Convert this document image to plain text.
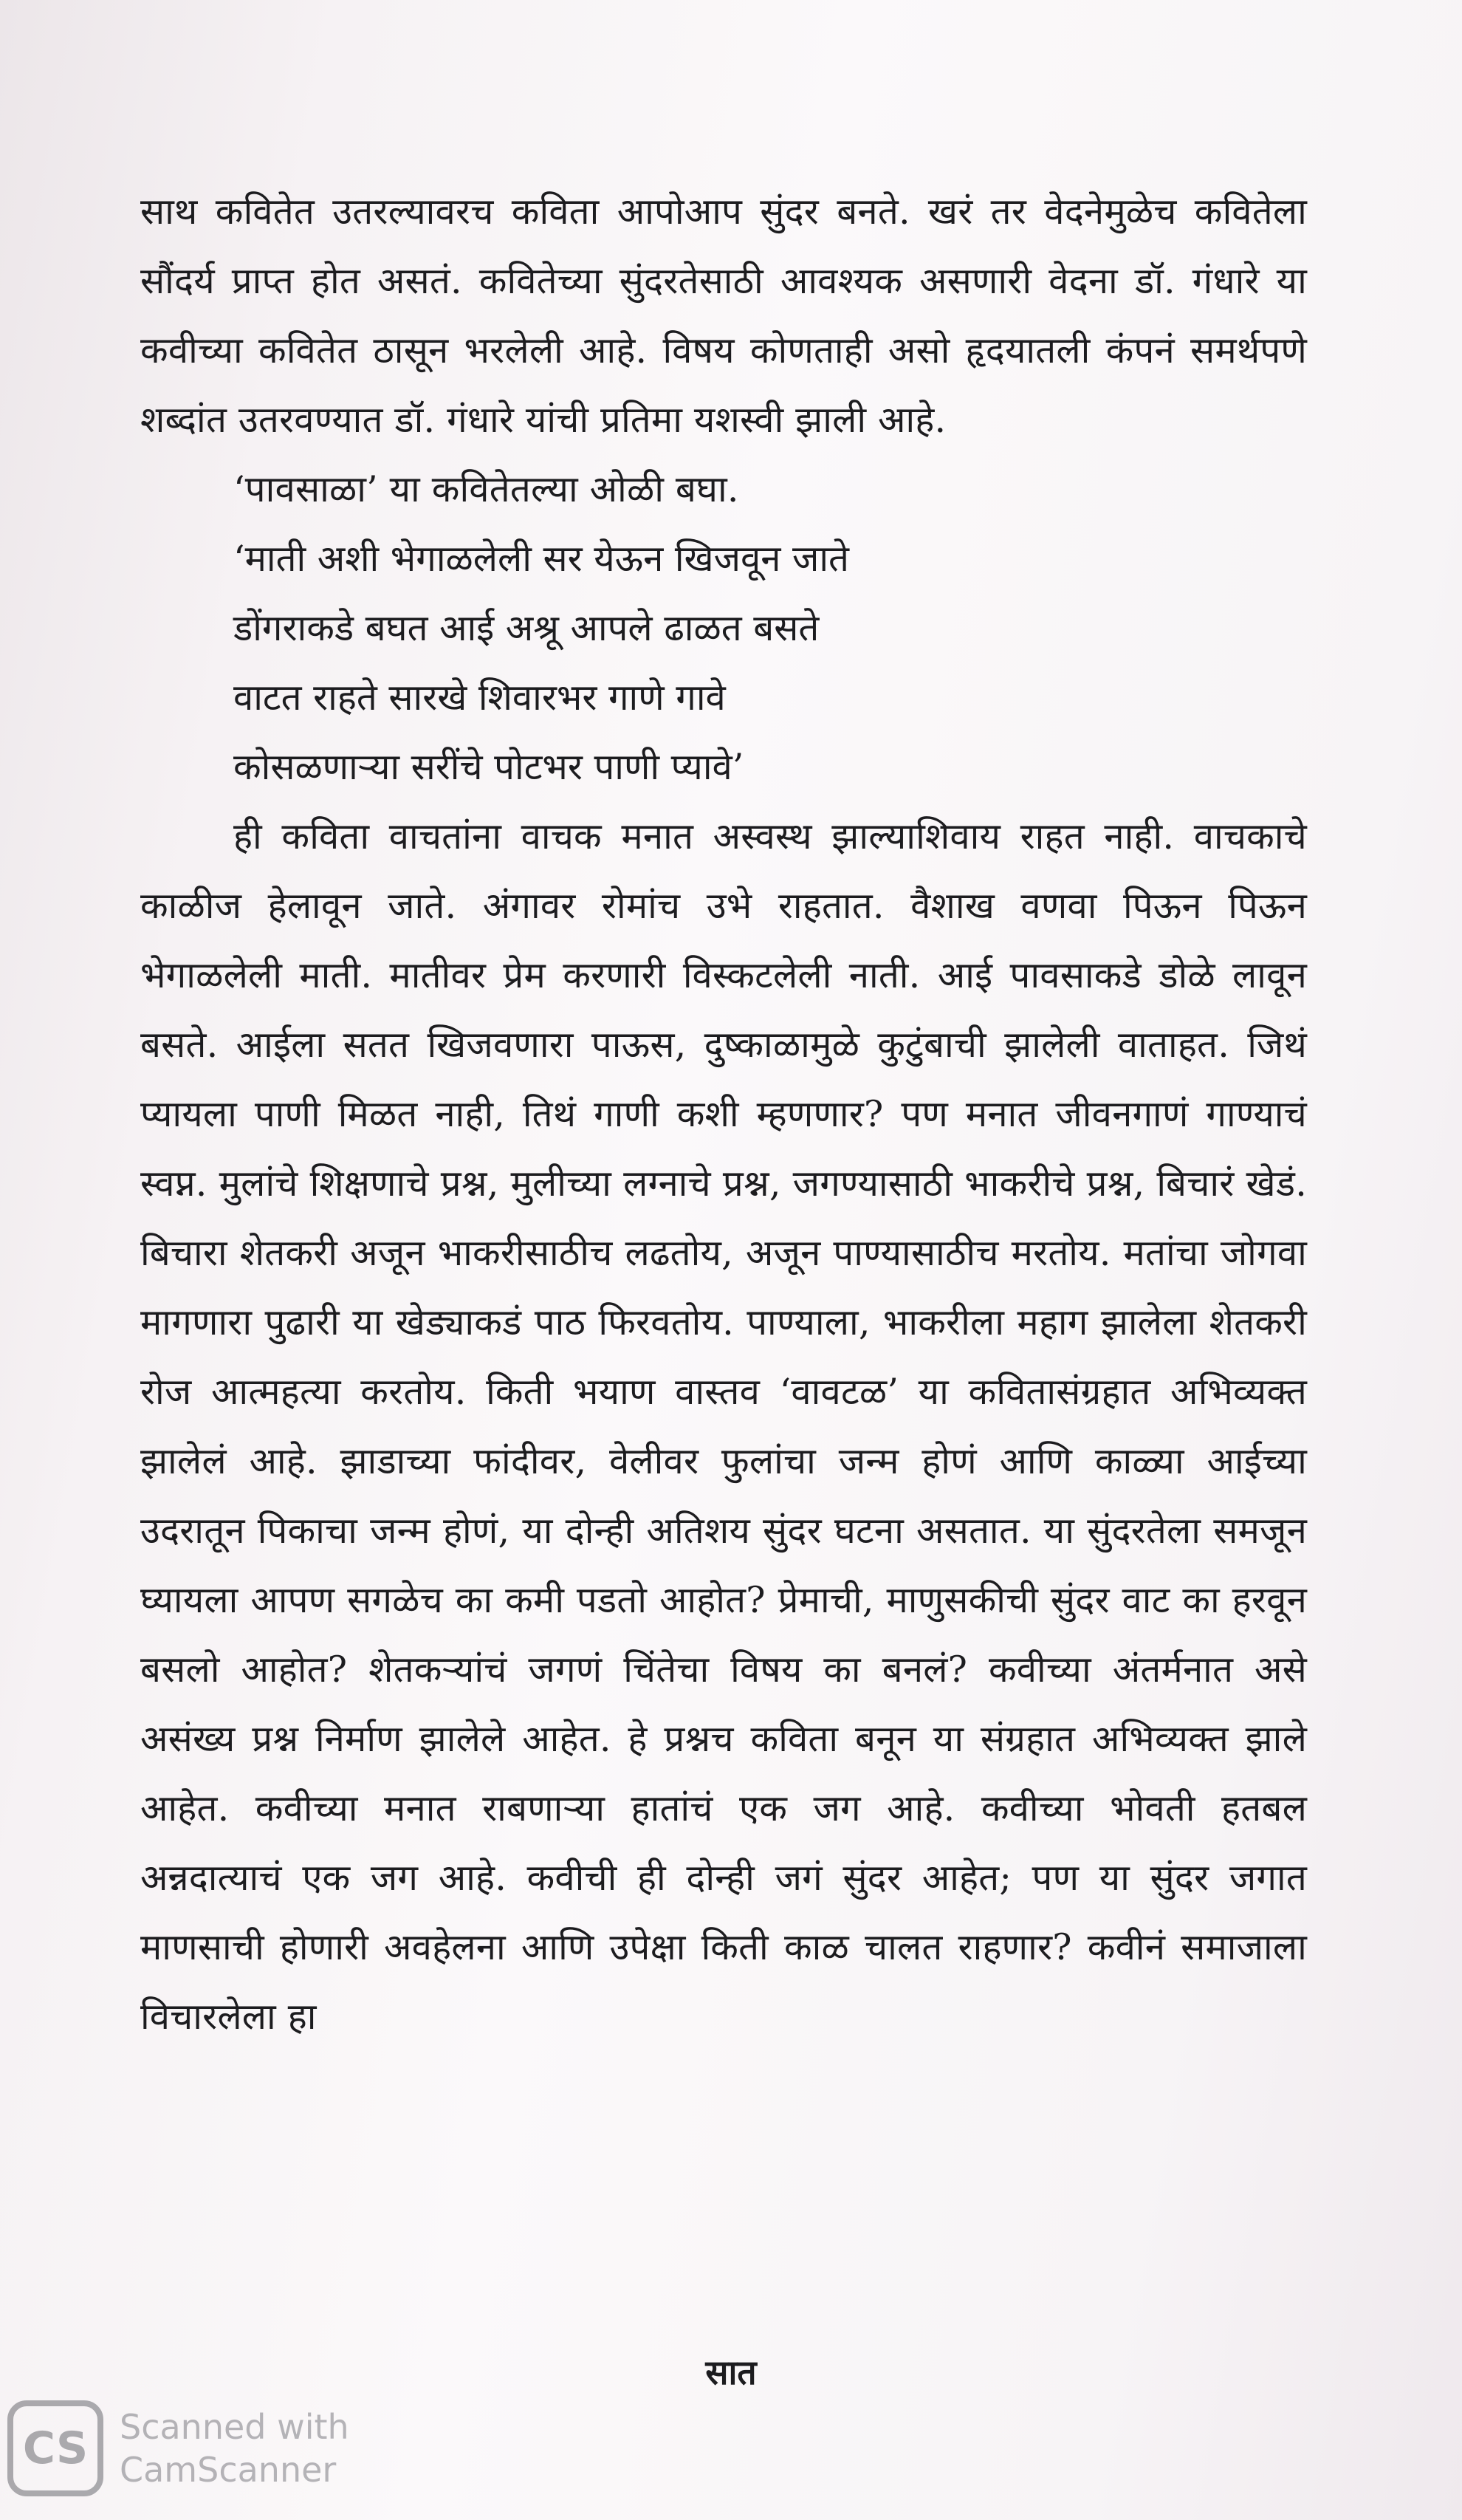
साथ कवितेत उतरल्यावरच कविता आपोआप सुंदर बनते. खरं तर वेदनेमुळेच कवितेला सौंदर्य प्राप्त होत असतं. कवितेच्या सुंदरतेसाठी आवश्यक असणारी वेदना डॉ. गंधारे या कवीच्या कवितेत ठासून भरलेली आहे. विषय कोणताही असो हृदयातली कंपनं समर्थपणे शब्दांत उतरवण्यात डॉ. गंधारे यांची प्रतिमा यशस्वी झाली आहे.

‘पावसाळा’ या कवितेतल्या ओळी बघा.

‘माती अशी भेगाळलेली सर येऊन खिजवून जाते
डोंगराकडे बघत आई अश्रू आपले ढाळत बसते
वाटत राहते सारखे शिवारभर गाणे गावे
कोसळणाऱ्या सरींचे पोटभर पाणी प्यावे’

ही कविता वाचतांना वाचक मनात अस्वस्थ झाल्याशिवाय राहत नाही. वाचकाचे काळीज हेलावून जाते. अंगावर रोमांच उभे राहतात. वैशाख वणवा पिऊन पिऊन भेगाळलेली माती. मातीवर प्रेम करणारी विस्कटलेली नाती. आई पावसाकडे डोळे लावून बसते. आईला सतत खिजवणारा पाऊस, दुष्काळामुळे कुटुंबाची झालेली वाताहत. जिथं प्यायला पाणी मिळत नाही, तिथं गाणी कशी म्हणणार? पण मनात जीवनगाणं गाण्याचं स्वप्न. मुलांचे शिक्षणाचे प्रश्न, मुलीच्या लग्नाचे प्रश्न, जगण्यासाठी भाकरीचे प्रश्न, बिचारं खेडं. बिचारा शेतकरी अजून भाकरीसाठीच लढतोय, अजून पाण्यासाठीच मरतोय. मतांचा जोगवा मागणारा पुढारी या खेड्याकडं पाठ फिरवतोय. पाण्याला, भाकरीला महाग झालेला शेतकरी रोज आत्महत्या करतोय. किती भयाण वास्तव ‘वावटळ’ या कवितासंग्रहात अभिव्यक्त झालेलं आहे. झाडाच्या फांदीवर, वेलीवर फुलांचा जन्म होणं आणि काळ्या आईच्या उदरातून पिकाचा जन्म होणं, या दोन्ही अतिशय सुंदर घटना असतात. या सुंदरतेला समजून घ्यायला आपण सगळेच का कमी पडतो आहोत? प्रेमाची, माणुसकीची सुंदर वाट का हरवून बसलो आहोत? शेतकऱ्यांचं जगणं चिंतेचा विषय का बनलं? कवीच्या अंतर्मनात असे असंख्य प्रश्न निर्माण झालेले आहेत. हे प्रश्नच कविता बनून या संग्रहात अभिव्यक्त झाले आहेत. कवीच्या मनात राबणाऱ्या हातांचं एक जग आहे. कवीच्या भोवती हतबल अन्नदात्याचं एक जग आहे. कवीची ही दोन्ही जगं सुंदर आहेत; पण या सुंदर जगात माणसाची होणारी अवहेलना आणि उपेक्षा किती काळ चालत राहणार? कवीनं समाजाला विचारलेला हा

सात
CS Scanned with
CamScanner
